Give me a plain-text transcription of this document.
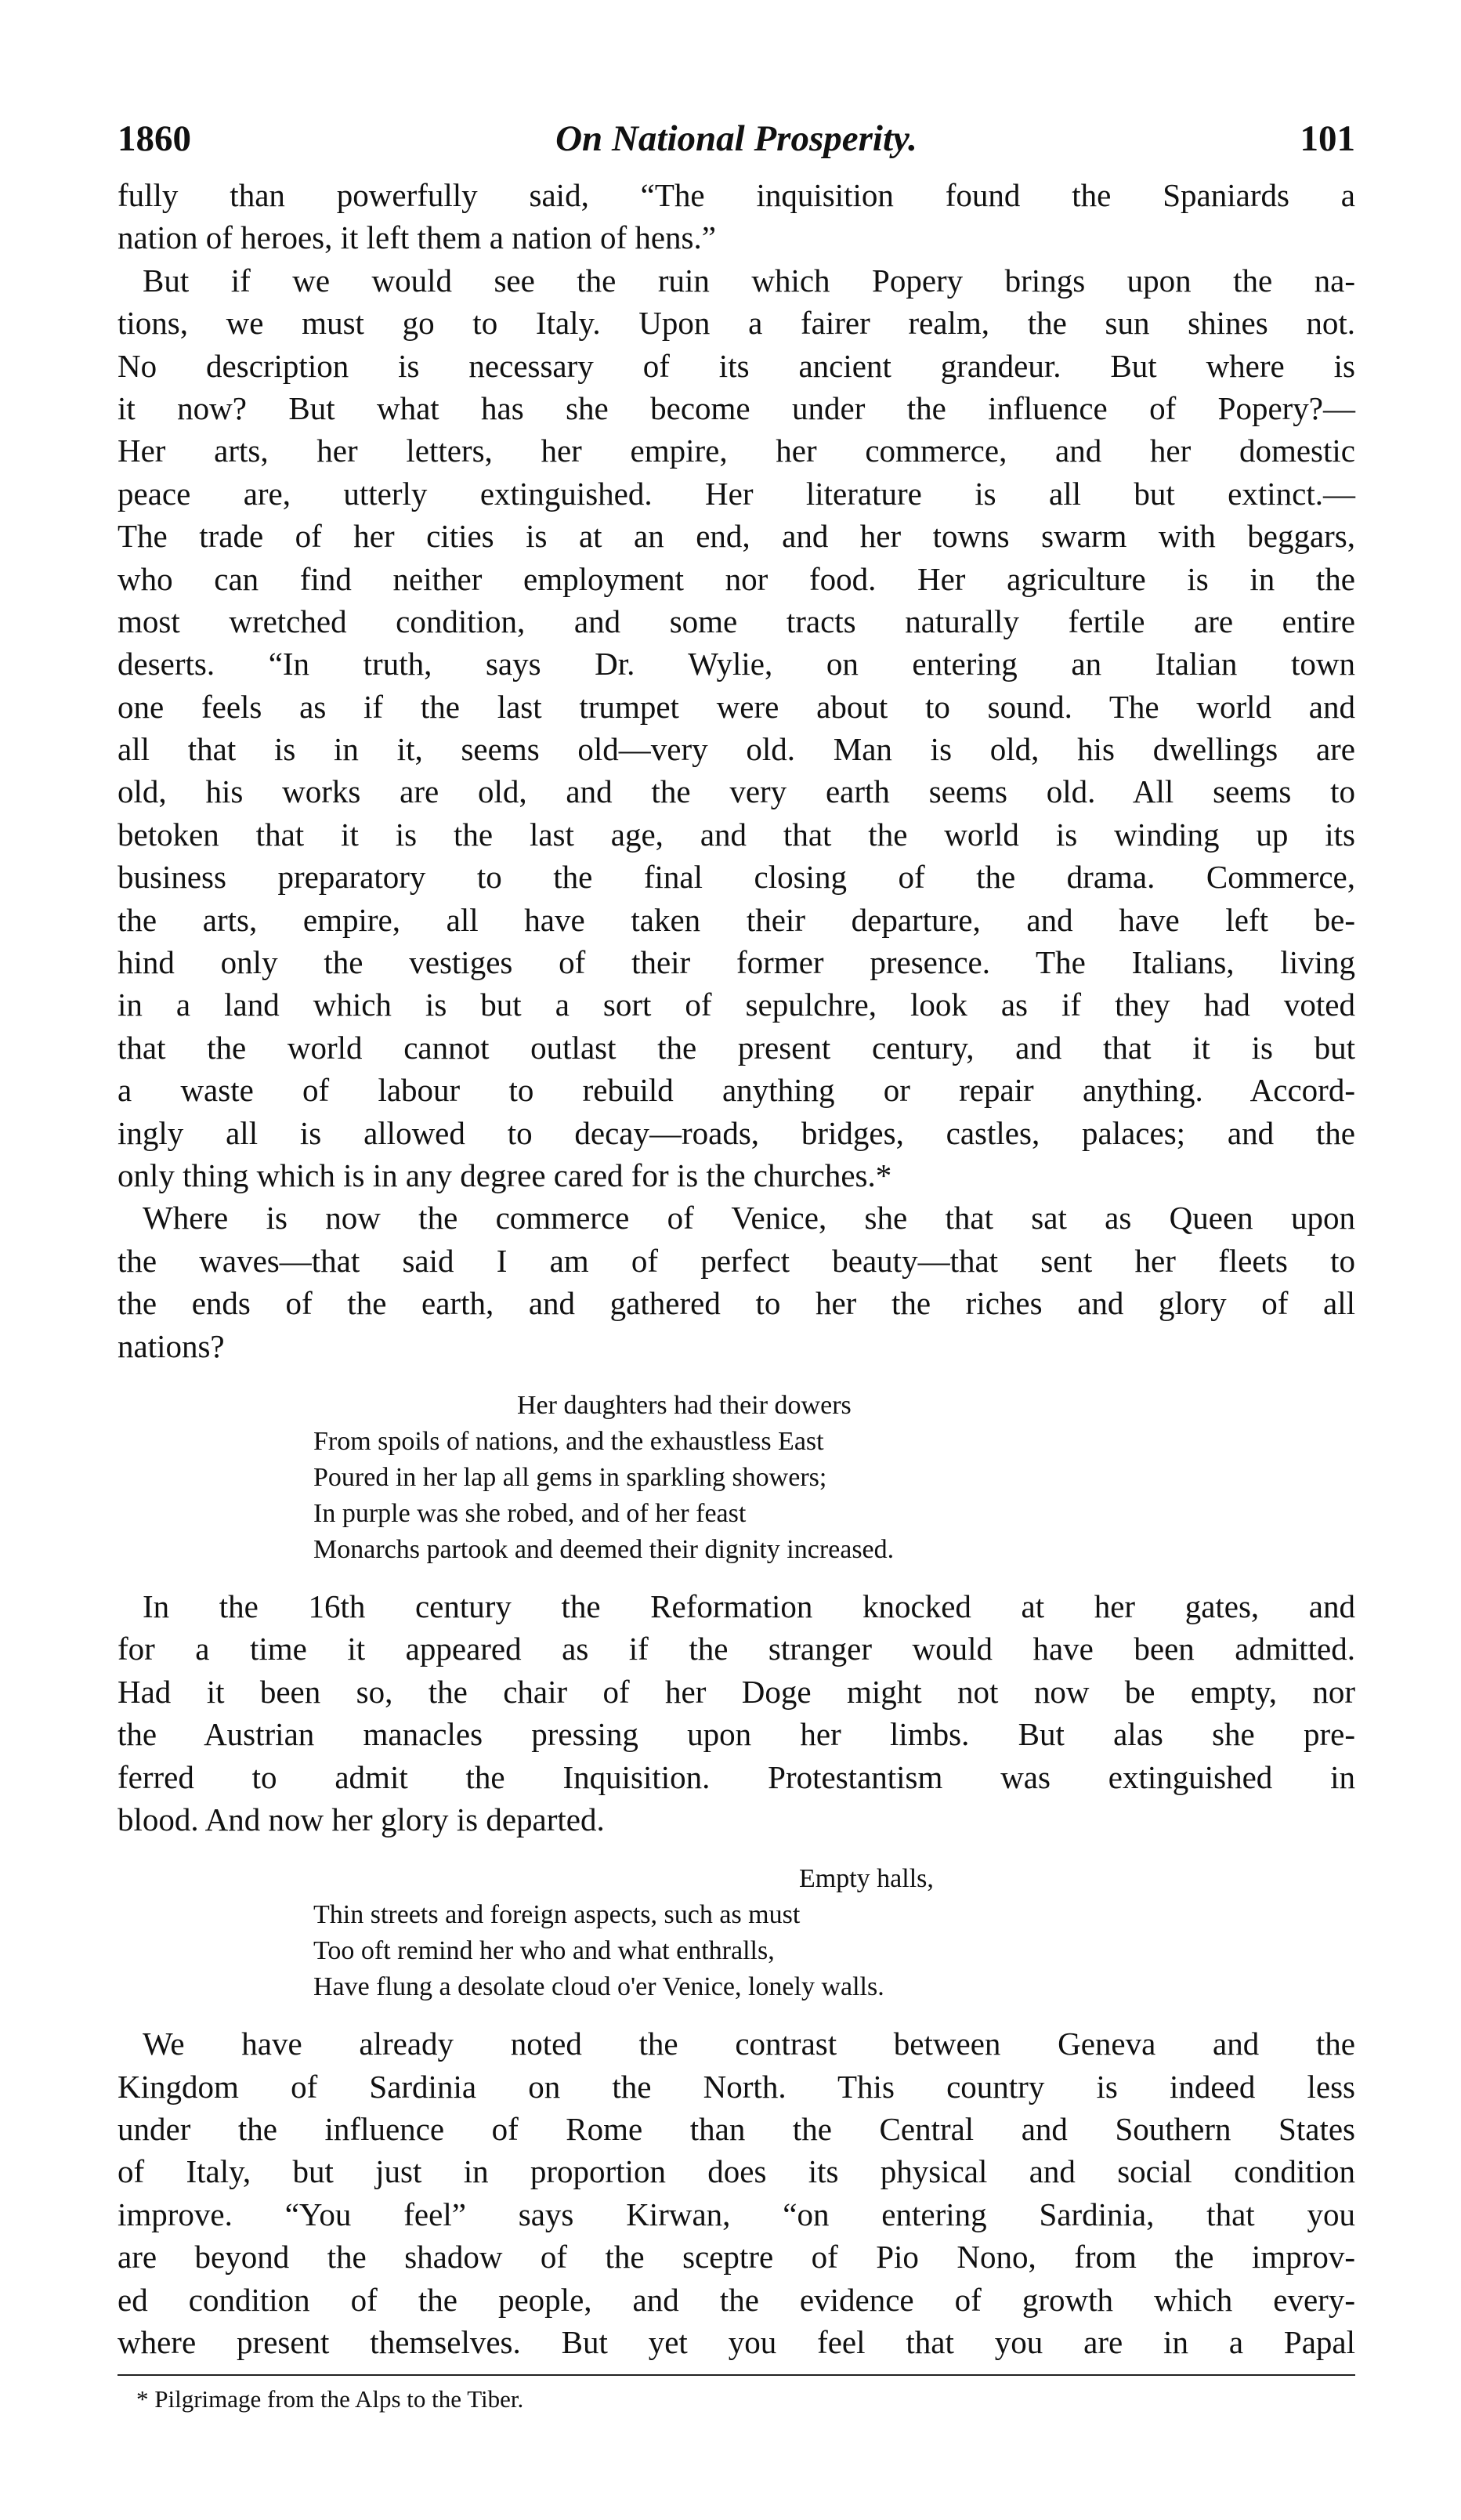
1860	On National Prosperity.	101
fully than powerfully said, “The inquisition found the Spaniards a
nation of heroes, it left them a nation of hens.”
But if we would see the ruin which Popery brings upon the na-
tions, we must go to Italy. Upon a fairer realm, the sun shines not.
No description is necessary of its ancient grandeur. But where is
it now? But what has she become under the influence of Popery?—
Her arts, her letters, her empire, her commerce, and her domestic
peace are, utterly extinguished. Her literature is all but extinct.—
The trade of her cities is at an end, and her towns swarm with beggars,
who can find neither employment nor food. Her agriculture is in the
most wretched condition, and some tracts naturally fertile are entire
deserts. “In truth, says Dr. Wylie, on entering an Italian town
one feels as if the last trumpet were about to sound. The world and
all that is in it, seems old—very old. Man is old, his dwellings are
old, his works are old, and the very earth seems old. All seems to
betoken that it is the last age, and that the world is winding up its
business preparatory to the final closing of the drama. Commerce,
the arts, empire, all have taken their departure, and have left be-
hind only the vestiges of their former presence. The Italians, living
in a land which is but a sort of sepulchre, look as if they had voted
that the world cannot outlast the present century, and that it is but
a waste of labour to rebuild anything or repair anything. Accord-
ingly all is allowed to decay—roads, bridges, castles, palaces; and the
only thing which is in any degree cared for is the churches.*
Where is now the commerce of Venice, she that sat as Queen upon
the waves—that said I am of perfect beauty—that sent her fleets to
the ends of the earth, and gathered to her the riches and glory of all
nations?
Her daughters had their dowers
From spoils of nations, and the exhaustless East
Poured in her lap all gems in sparkling showers;
In purple was she robed, and of her feast
Monarchs partook and deemed their dignity increased.
In the 16th century the Reformation knocked at her gates, and
for a time it appeared as if the stranger would have been admitted.
Had it been so, the chair of her Doge might not now be empty, nor
the Austrian manacles pressing upon her limbs. But alas she pre-
ferred to admit the Inquisition. Protestantism was extinguished in
blood. And now her glory is departed.
Empty halls,
Thin streets and foreign aspects, such as must
Too oft remind her who and what enthralls,
Have flung a desolate cloud o'er Venice, lonely walls.
We have already noted the contrast between Geneva and the
Kingdom of Sardinia on the North. This country is indeed less
under the influence of Rome than the Central and Southern States
of Italy, but just in proportion does its physical and social condition
improve. “You feel” says Kirwan, “on entering Sardinia, that you
are beyond the shadow of the sceptre of Pio Nono, from the improv-
ed condition of the people, and the evidence of growth which every-
where present themselves. But yet you feel that you are in a Papal
* Pilgrimage from the Alps to the Tiber.
